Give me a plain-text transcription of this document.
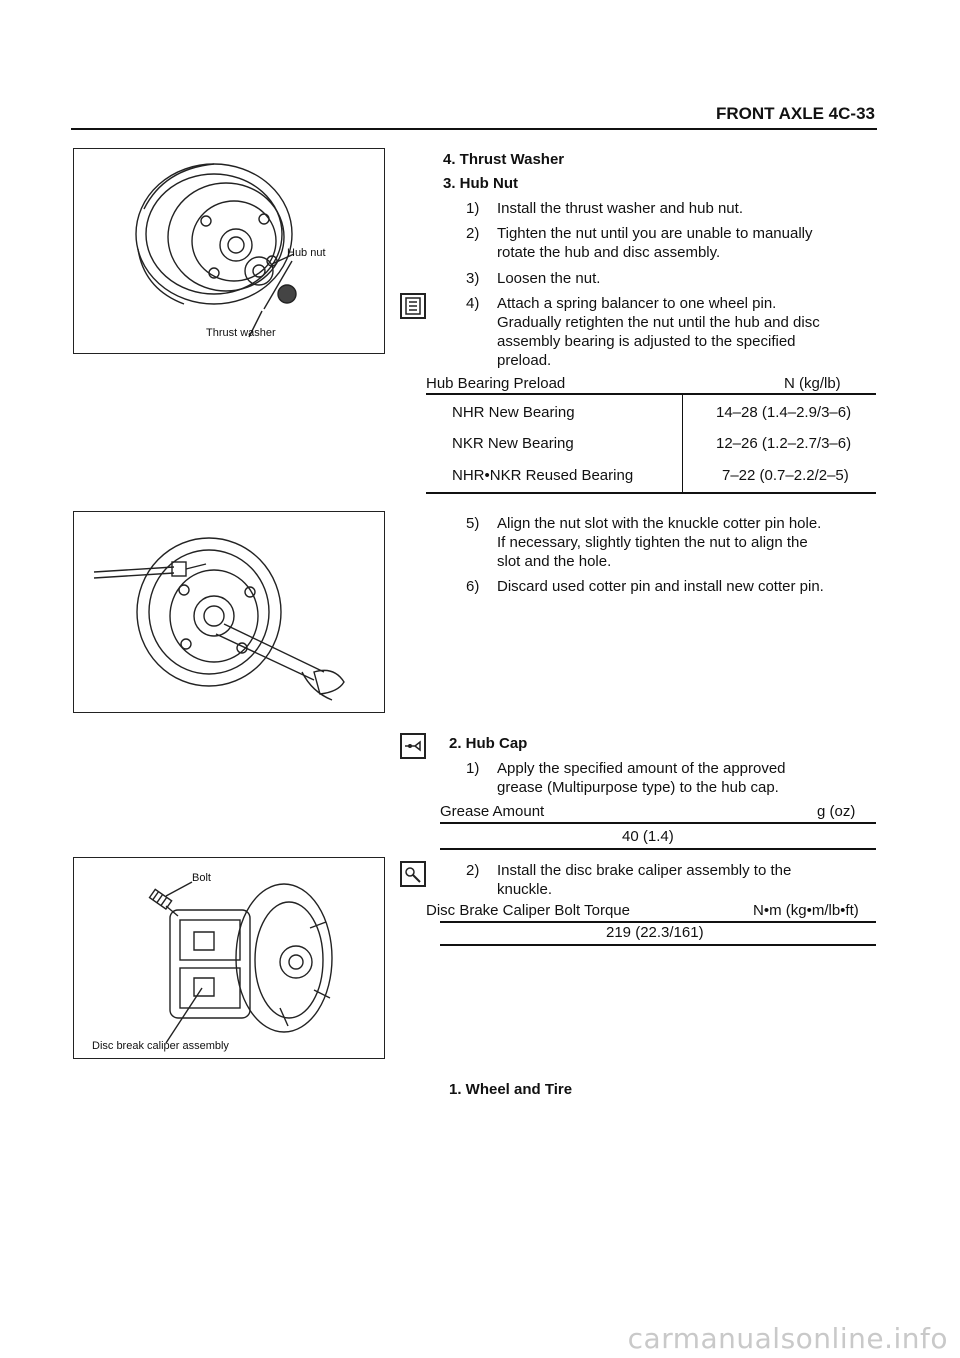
FRONT AXLE 4C-33
Hub nut
Thrust washer
4. Thrust Washer
3. Hub Nut
1) Install the thrust washer and hub nut.
2) Tighten the nut until you are unable to manually
rotate the hub and disc assembly.
3) Loosen the nut.
4) Attach a spring balancer to one wheel pin.
Gradually retighten the nut until the hub and disc
assembly bearing is adjusted to the specified
preload.
Hub Bearing Preload	N (kg/lb)
NHR New Bearing	14–28 (1.4–2.9/3–6)
NKR New Bearing	12–26 (1.2–2.7/3–6)
NHR•NKR Reused Bearing	7–22 (0.7–2.2/2–5)
5) Align the nut slot with the knuckle cotter pin hole.
If necessary, slightly tighten the nut to align the
slot and the hole.
6) Discard used cotter pin and install new cotter pin.
2. Hub Cap
1) Apply the specified amount of the approved
grease (Multipurpose type) to the hub cap.
Grease Amount	g (oz)
40 (1.4)
Bolt
Disc break caliper assembly
2) Install the disc brake caliper assembly to the
knuckle.
Disc Brake Caliper Bolt Torque	N•m (kg•m/lb•ft)
219 (22.3/161)
1. Wheel and Tire
carmanualsonline.info
